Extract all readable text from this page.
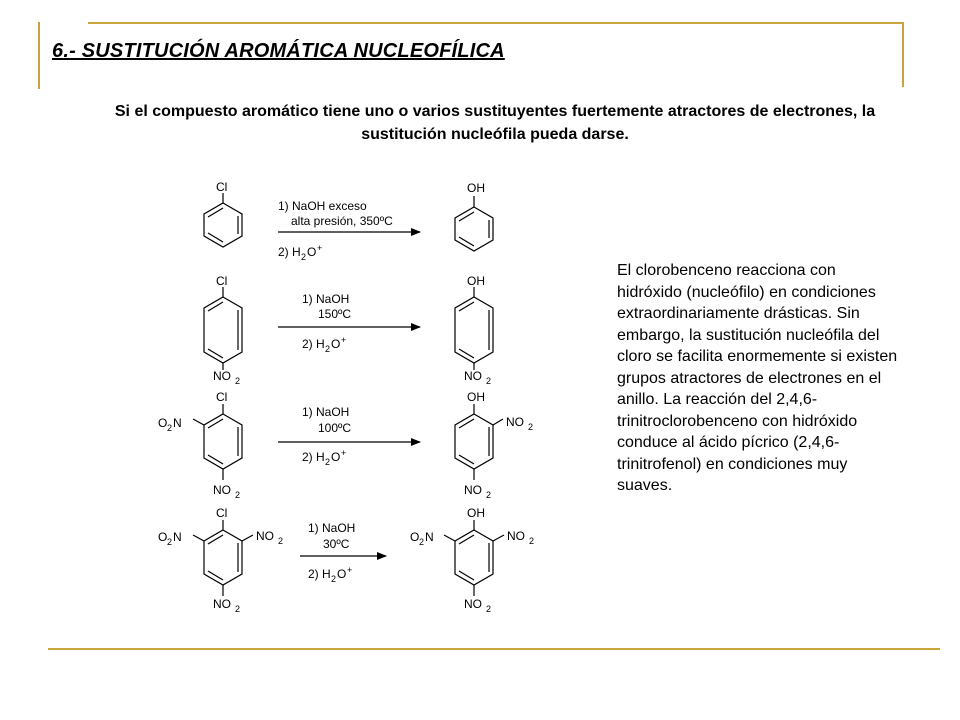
6.- SUSTITUCIÓN AROMÁTICA NUCLEOFÍLICA
Si el compuesto aromático tiene uno o varios sustituyentes fuertemente atractores de electrones, la sustitución nucleófila pueda darse.
El clorobenceno reacciona con hidróxido (nucleófilo) en condiciones extraordinariamente drásticas. Sin embargo, la sustitución nucleófila del cloro se facilita enormemente si existen grupos atractores de electrones en el anillo. La reacción del 2,4,6-trinitroclorobenceno con hidróxido conduce al ácido pícrico (2,4,6-trinitrofenol) en condiciones muy suaves.
Cl
1) NaOH exceso
alta presión, 350ºC
2) H 2 O +
OH
Cl
NO 2
1) NaOH
150ºC
2) H 2 O +
OH
NO 2
Cl
O 2 N
NO 2
1) NaOH
100ºC
2) H 2 O +
OH
NO 2
NO 2
Cl
O 2 N	NO 2
NO 2
1) NaOH
30ºC
2) H 2 O +
OH
O 2 N	NO 2
NO 2
